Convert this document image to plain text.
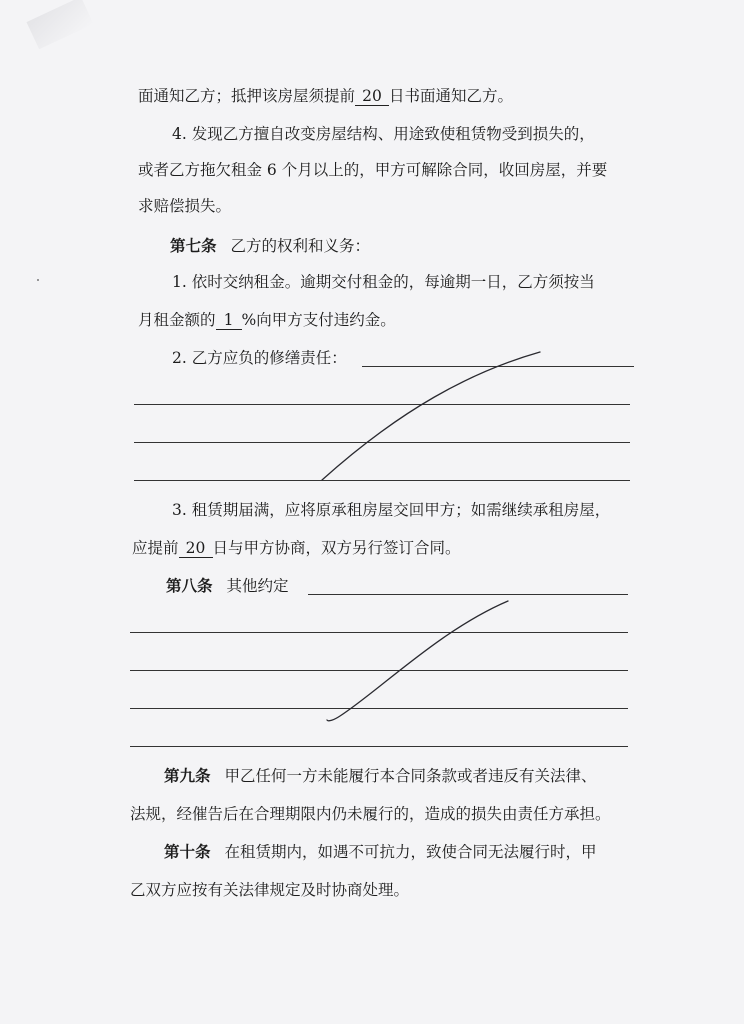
面通知乙方；抵押该房屋须提前 20 日书面通知乙方。
4. 发现乙方擅自改变房屋结构、用途致使租赁物受到损失的，
或者乙方拖欠租金 6 个月以上的，甲方可解除合同，收回房屋，并要
求赔偿损失。
第七条 乙方的权利和义务：
1. 依时交纳租金。逾期交付租金的，每逾期一日，乙方须按当
月租金额的 1 %向甲方支付违约金。
2. 乙方应负的修缮责任：
3. 租赁期届满，应将原承租房屋交回甲方；如需继续承租房屋，
应提前 20 日与甲方协商，双方另行签订合同。
第八条 其他约定
第九条 甲乙任何一方未能履行本合同条款或者违反有关法律、
法规，经催告后在合理期限内仍未履行的，造成的损失由责任方承担。
第十条 在租赁期内，如遇不可抗力，致使合同无法履行时，甲
乙双方应按有关法律规定及时协商处理。
